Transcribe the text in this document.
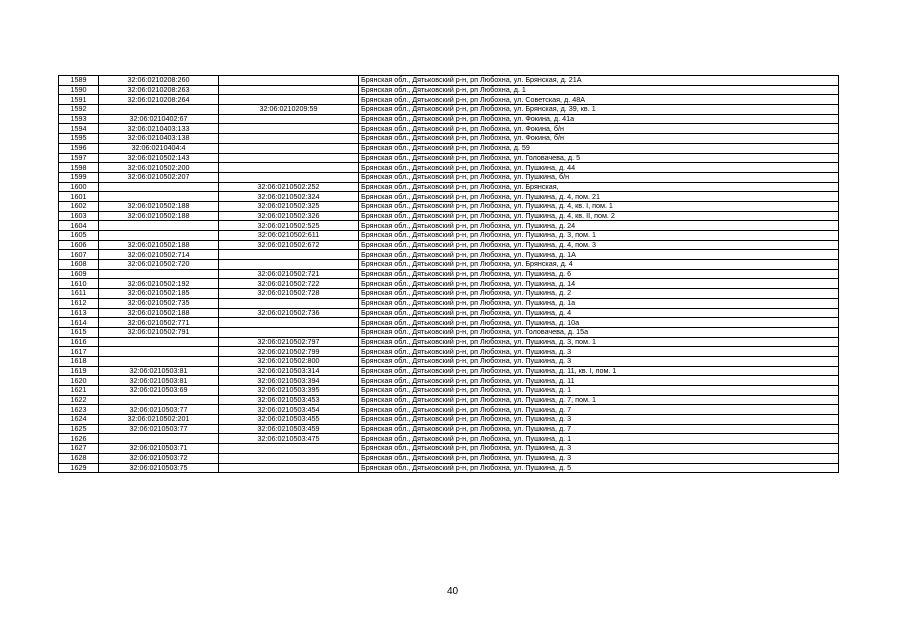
1589	32:06:0210208:260		Брянская обл., Дятьковский р-н, рп Любохна, ул. Брянская, д. 21А
1590	32:06:0210208:263		Брянская обл., Дятьковский р-н, рп Любохна, д. 1
1591	32:06:0210208:264		Брянская обл., Дятьковский р-н, рп Любохна, ул. Советская, д. 48А
1592		32:06:0210209:59	Брянская обл., Дятьковский р-н, рп Любохна, ул. Брянская, д. 39, кв. 1
1593	32:06:0210402:67		Брянская обл., Дятьковский р-н, рп Любохна, ул. Фокина, д. 41а
1594	32:06:0210403:133		Брянская обл., Дятьковский р-н, рп Любохна, ул. Фокина, б/н
1595	32:06:0210403:138		Брянская обл., Дятьковский р-н, рп Любохна, ул. Фокина, б/н
1596	32:06:0210404:4		Брянская обл., Дятьковский р-н, рп Любохна, д. 59
1597	32:06:0210502:143		Брянская обл., Дятьковский р-н, рп Любохна, ул. Головачева, д. 5
1598	32:06:0210502:200		Брянская обл., Дятьковский р-н, рп Любохна, ул. Пушкина, д. 44
1599	32:06:0210502:207		Брянская обл., Дятьковский р-н, рп Любохна, ул. Пушкина, б/н
1600		32:06:0210502:252	Брянская обл., Дятьковский р-н, рп Любохна, ул. Брянская,
1601		32:06:0210502:324	Брянская обл., Дятьковский р-н, рп Любохна, ул. Пушкина, д. 4, пом. 21
1602	32:06:0210502:188	32:06:0210502:325	Брянская обл., Дятьковский р-н, рп Любохна, ул. Пушкина, д. 4, кв. I, пом. 1
1603	32:06:0210502:188	32:06:0210502:326	Брянская обл., Дятьковский р-н, рп Любохна, ул. Пушкина, д. 4, кв. II, пом. 2
1604		32:06:0210502:525	Брянская обл., Дятьковский р-н, рп Любохна, ул. Пушкина, д. 24
1605		32:06:0210502:611	Брянская обл., Дятьковский р-н, рп Любохна, ул. Пушкина, д. 3, пом. 1
1606	32:06:0210502:188	32:06:0210502:672	Брянская обл., Дятьковский р-н, рп Любохна, ул. Пушкина, д. 4, пом. 3
1607	32:06:0210502:714		Брянская обл., Дятьковский р-н, рп Любохна, ул. Пушкина, д. 1А
1608	32:06:0210502:720		Брянская обл., Дятьковский р-н, рп Любохна, ул. Брянская, д. 4
1609		32:06:0210502:721	Брянская обл., Дятьковский р-н, рп Любохна, ул. Пушкина, д. 6
1610	32:06:0210502:192	32:06:0210502:722	Брянская обл., Дятьковский р-н, рп Любохна, ул. Пушкина, д. 14
1611	32:06:0210502:185	32:06:0210502:728	Брянская обл., Дятьковский р-н, рп Любохна, ул. Пушкина, д. 2
1612	32:06:0210502:735		Брянская обл., Дятьковский р-н, рп Любохна, ул. Пушкина, д. 1а
1613	32:06:0210502:188	32:06:0210502:736	Брянская обл., Дятьковский р-н, рп Любохна, ул. Пушкина, д. 4
1614	32:06:0210502:771		Брянская обл., Дятьковский р-н, рп Любохна, ул. Пушкина, д. 10а
1615	32:06:0210502:791		Брянская обл., Дятьковский р-н, рп Любохна, ул. Головачева, д. 15а
1616		32:06:0210502:797	Брянская обл., Дятьковский р-н, рп Любохна, ул. Пушкина, д. 3, пом. 1
1617		32:06:0210502:799	Брянская обл., Дятьковский р-н, рп Любохна, ул. Пушкина, д. 3
1618		32:06:0210502:800	Брянская обл., Дятьковский р-н, рп Любохна, ул. Пушкина, д. 3
1619	32:06:0210503:81	32:06:0210503:314	Брянская обл., Дятьковский р-н, рп Любохна, ул. Пушкина, д. 11, кв. I, пом. 1
1620	32:06:0210503:81	32:06:0210503:394	Брянская обл., Дятьковский р-н, рп Любохна, ул. Пушкина, д. 11
1621	32:06:0210503:69	32:06:0210503:395	Брянская обл., Дятьковский р-н, рп Любохна, ул. Пушкина, д. 1
1622		32:06:0210503:453	Брянская обл., Дятьковский р-н, рп Любохна, ул. Пушкина, д. 7, пом. 1
1623	32:06:0210503:77	32:06:0210503:454	Брянская обл., Дятьковский р-н, рп Любохна, ул. Пушкина, д. 7
1624	32:06:0210502:201	32:06:0210503:455	Брянская обл., Дятьковский р-н, рп Любохна, ул. Пушкина, д. 3
1625	32:06:0210503:77	32:06:0210503:459	Брянская обл., Дятьковский р-н, рп Любохна, ул. Пушкина, д. 7
1626		32:06:0210503:475	Брянская обл., Дятьковский р-н, рп Любохна, ул. Пушкина, д. 1
1627	32:06:0210503:71		Брянская обл., Дятьковский р-н, рп Любохна, ул. Пушкина, д. 3
1628	32:06:0210503:72		Брянская обл., Дятьковский р-н, рп Любохна, ул. Пушкина, д. 3
1629	32:06:0210503:75		Брянская обл., Дятьковский р-н, рп Любохна, ул. Пушкина, д. 5
40
